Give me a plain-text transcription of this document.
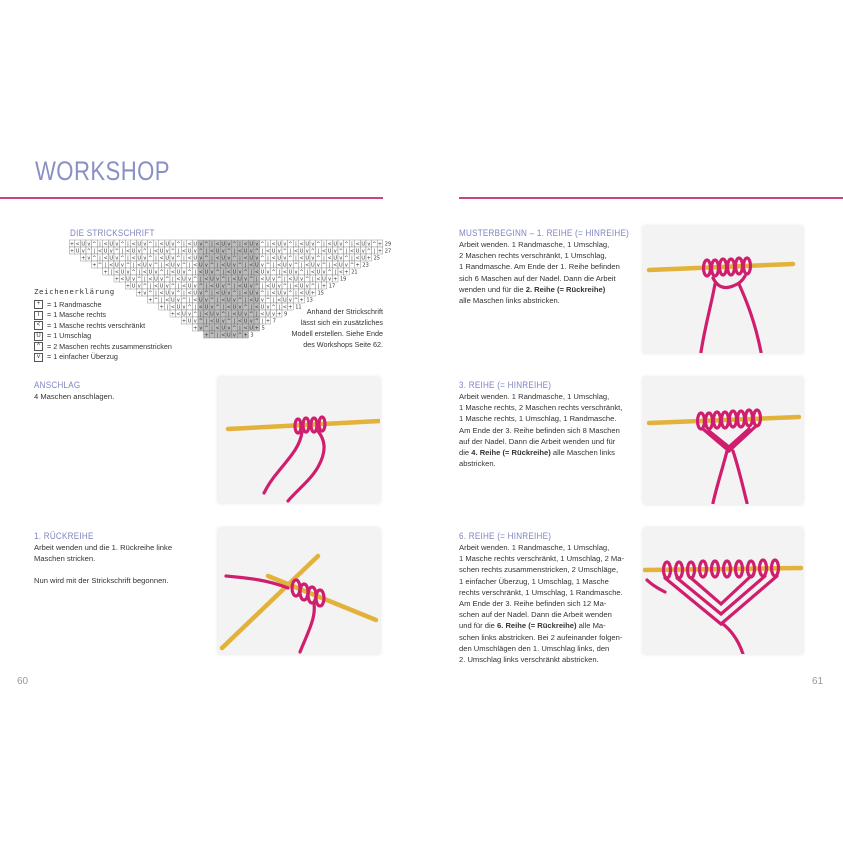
WORKSHOP
DIE STRICKSCHRIFT
+ < U v ^ | < U v ^ | < U v ^ | < U v ^ | < U v ^ | < U v ^ | < U v ^ | < U v ^ | < U v ^ | < U v ^ | < U v ^ + 29
+ U v ^ | < U v ^ | < U v ^ | < U v ^ | < U v ^ | < U v ^ | < U v ^ | < U v ^ | < U v ^ | < U v ^ | < U v ^ | + 27
+ v ^ | < U v ^ | < U v ^ | < U v ^ | < U v ^ | < U v ^ | < U v ^ | < U v ^ | < U v ^ | < U v ^ | < U + 25
+ ^ | < U v ^ | < U v ^ | < U v ^ | < U v ^ | < U v ^ | < U v ^ | < U v ^ | < U v ^ | < U v ^ + 23
+ | < U v ^ | < U v ^ | < U v ^ | < U v ^ | < U v ^ | < U v ^ | < U v ^ | < U v ^ | < + 21
+ < U v ^ | < U v ^ | < U v ^ | < U v ^ | < U v ^ | < U v ^ | < U v ^ | < U v + 19
+ U v ^ | < U v ^ | < U v ^ | < U v ^ | < U v ^ | < U v ^ | < U v ^ | + 17
+ v ^ | < U v ^ | < U v ^ | < U v ^ | < U v ^ | < U v ^ | < U + 15
+ ^ | < U v ^ | < U v ^ | < U v ^ | < U v ^ | < U v ^ + 13
+ | < U v ^ | < U v ^ | < U v ^ | < U v ^ | < + 11
+ < U v ^ | < U v ^ | < U v ^ | < U v + 9
+ U v ^ | < U v ^ | < U v ^ | + 7
+ v ^ | < U v ^ | < U + 5
+ ^ | < U v ^ + 3
Zeichenerklärung
+ = 1 Randmasche
I = 1 Masche rechts
< = 1 Masche rechts verschränkt
U = 1 Umschlag
^ = 2 Maschen rechts zusammenstricken
v = 1 einfacher Überzug
Anhand der Strickschrift
lässt sich ein zusätzliches
Modell erstellen. Siehe Ende
des Workshops Seite 62.
ANSCHLAG
4 Maschen anschlagen.
1. RÜCKREIHE
Arbeit wenden und die 1. Rückreihe linke
Maschen stricken.
Nun wird mit der Strickschrift begonnen.
MUSTERBEGINN – 1. REIHE (= HINREIHE)
Arbeit wenden. 1 Randmasche, 1 Umschlag,
2 Maschen rechts verschränkt, 1 Umschlag,
1 Randmasche. Am Ende der 1. Reihe befinden
sich 6 Maschen auf der Nadel. Dann die Arbeit
wenden und für die 2. Reihe (= Rückreihe)
alle Maschen links abstricken.
3. REIHE (= HINREIHE)
Arbeit wenden. 1 Randmasche, 1 Umschlag,
1 Masche rechts, 2 Maschen rechts verschränkt,
1 Masche rechts, 1 Umschlag, 1 Randmasche.
Am Ende der 3. Reihe befinden sich 8 Maschen
auf der Nadel. Dann die Arbeit wenden und für
die 4. Reihe (= Rückreihe) alle Maschen links
abstricken.
6. REIHE (= HINREIHE)
Arbeit wenden. 1 Randmasche, 1 Umschlag,
1 Masche rechts verschränkt, 1 Umschlag, 2 Ma-
schen rechts zusammenstricken, 2 Umschläge,
1 einfacher Überzug, 1 Umschlag, 1 Masche
rechts verschränkt, 1 Umschlag, 1 Randmasche.
Am Ende der 3. Reihe befinden sich 12 Ma-
schen auf der Nadel. Dann die Arbeit wenden
und für die 6. Reihe (= Rückreihe) alle Ma-
schen links abstricken. Bei 2 aufeinander folgen-
den Umschlägen den 1. Umschlag links, den
2. Umschlag links verschränkt abstricken.
60	61
